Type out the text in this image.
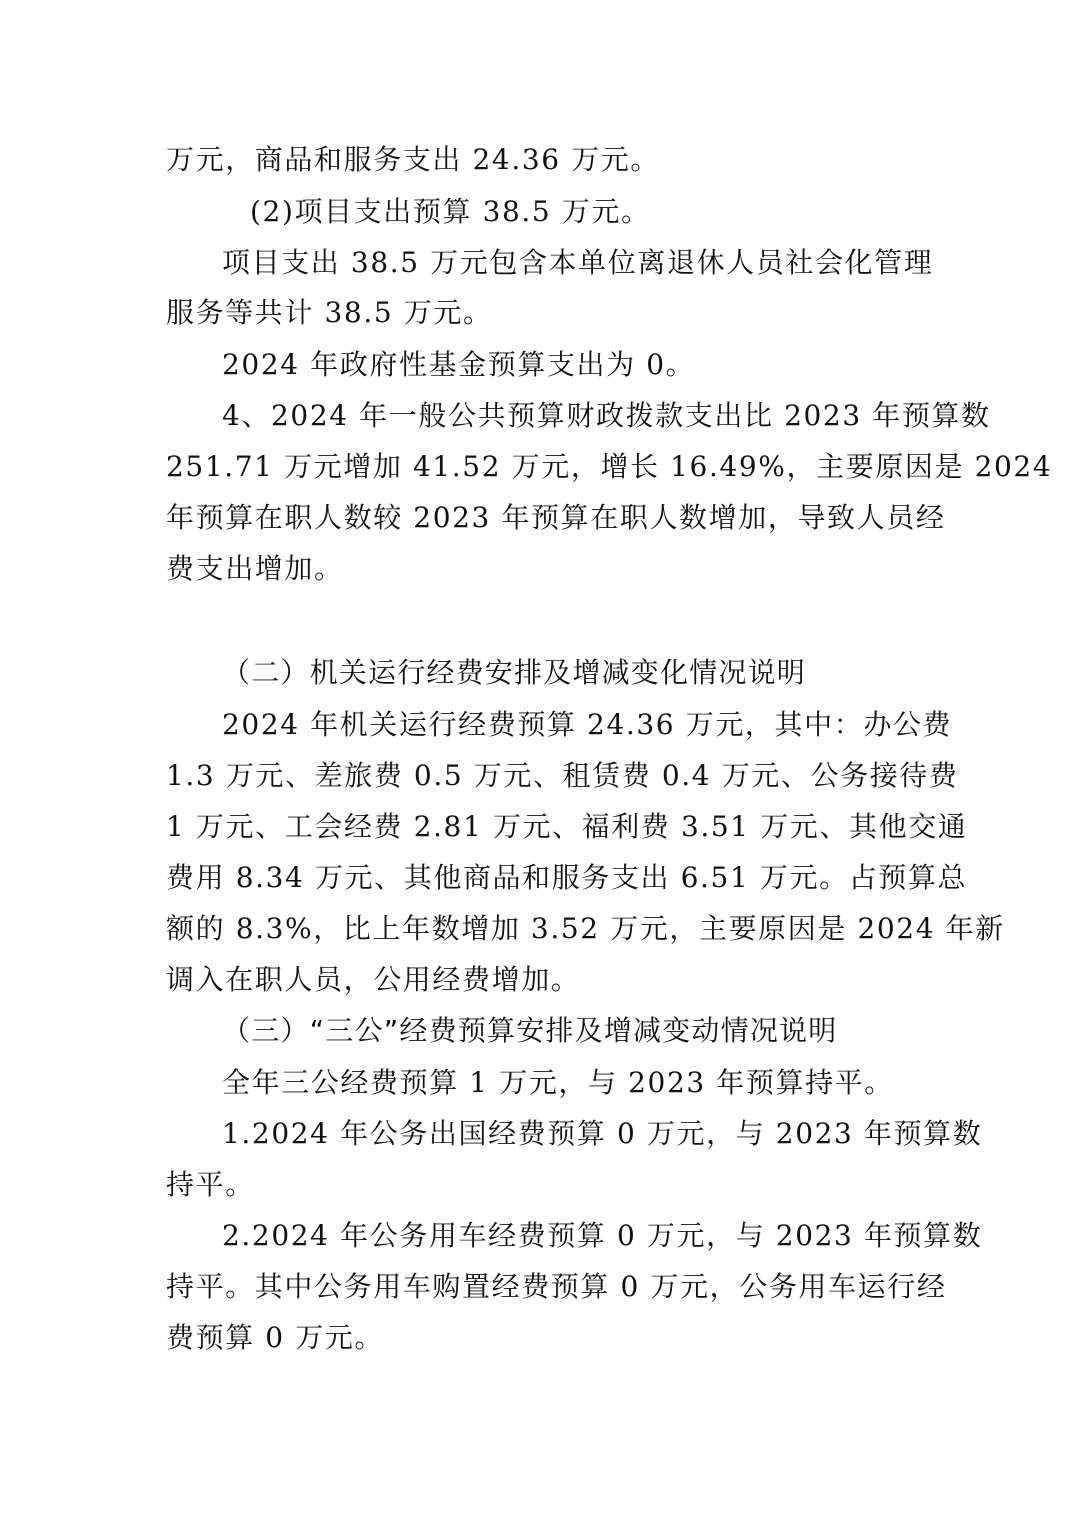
万元，商品和服务支出 24.36 万元。
(2)项目支出预算 38.5 万元。
项目支出 38.5 万元包含本单位离退休人员社会化管理
服务等共计 38.5 万元。
2024 年政府性基金预算支出为 0。
4、2024 年一般公共预算财政拨款支出比 2023 年预算数
251.71 万元增加 41.52 万元，增长 16.49%，主要原因是 2024
年预算在职人数较 2023 年预算在职人数增加，导致人员经
费支出增加。
（二）机关运行经费安排及增减变化情况说明
2024 年机关运行经费预算 24.36 万元，其中：办公费
1.3 万元、差旅费 0.5 万元、租赁费 0.4 万元、公务接待费
1 万元、工会经费 2.81 万元、福利费 3.51 万元、其他交通
费用 8.34 万元、其他商品和服务支出 6.51 万元。占预算总
额的 8.3%，比上年数增加 3.52 万元，主要原因是 2024 年新
调入在职人员，公用经费增加。
（三）“三公”经费预算安排及增减变动情况说明
全年三公经费预算 1 万元，与 2023 年预算持平。
1.2024 年公务出国经费预算 0 万元，与 2023 年预算数
持平。
2.2024 年公务用车经费预算 0 万元，与 2023 年预算数
持平。其中公务用车购置经费预算 0 万元，公务用车运行经
费预算 0 万元。
